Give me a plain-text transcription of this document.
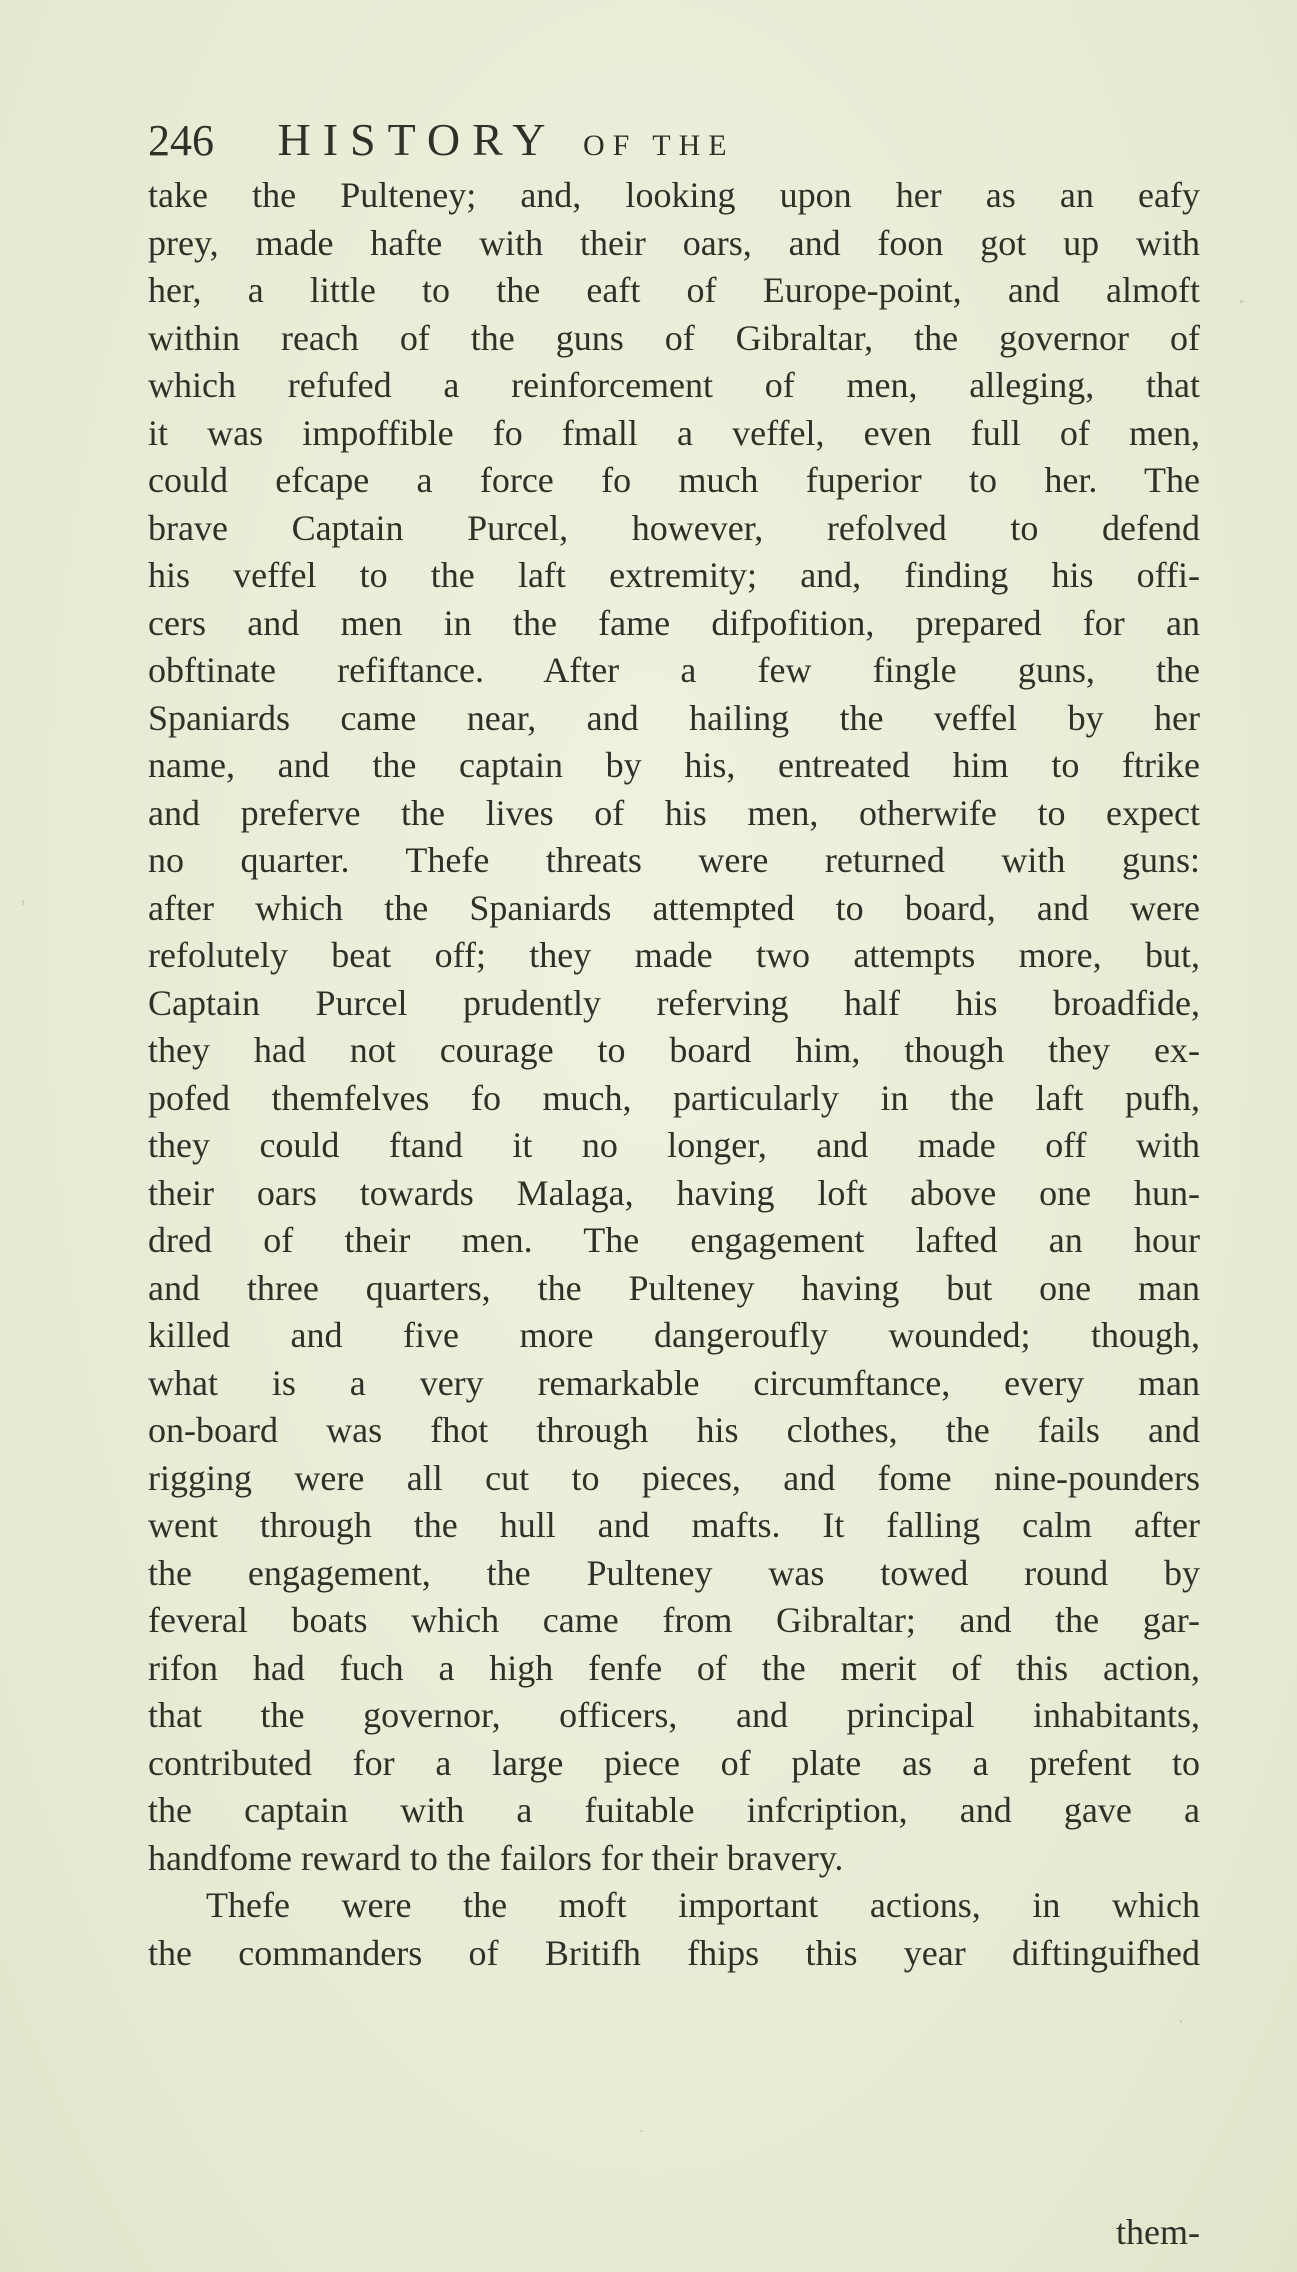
246 HISTORY OF THE
take the Pulteney; and, looking upon her as an eafy
prey, made hafte with their oars, and foon got up with
her, a little to the eaft of Europe-point, and almoft
within reach of the guns of Gibraltar, the governor of
which refufed a reinforcement of men, alleging, that
it was impoffible fo fmall a veffel, even full of men,
could efcape a force fo much fuperior to her. The
brave Captain Purcel, however, refolved to defend
his veffel to the laft extremity; and, finding his offi-
cers and men in the fame difpofition, prepared for an
obftinate refiftance. After a few fingle guns, the
Spaniards came near, and hailing the veffel by her
name, and the captain by his, entreated him to ftrike
and preferve the lives of his men, otherwife to expect
no quarter. Thefe threats were returned with guns:
after which the Spaniards attempted to board, and were
refolutely beat off; they made two attempts more, but,
Captain Purcel prudently referving half his broadfide,
they had not courage to board him, though they ex-
pofed themfelves fo much, particularly in the laft pufh,
they could ftand it no longer, and made off with
their oars towards Malaga, having loft above one hun-
dred of their men. The engagement lafted an hour
and three quarters, the Pulteney having but one man
killed and five more dangeroufly wounded; though,
what is a very remarkable circumftance, every man
on-board was fhot through his clothes, the fails and
rigging were all cut to pieces, and fome nine-pounders
went through the hull and mafts. It falling calm after
the engagement, the Pulteney was towed round by
feveral boats which came from Gibraltar; and the gar-
rifon had fuch a high fenfe of the merit of this action,
that the governor, officers, and principal inhabitants,
contributed for a large piece of plate as a prefent to
the captain with a fuitable infcription, and gave a
handfome reward to the failors for their bravery.
Thefe were the moft important actions, in which
the commanders of Britifh fhips this year diftinguifhed
them-
